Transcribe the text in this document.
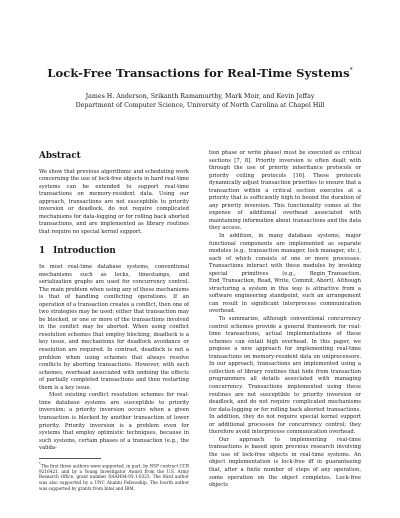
Lock-Free Transactions for Real-Time Systems*
James H. Anderson, Srikanth Ramamurthy, Mark Moir, and Kevin Jeffay
Department of Computer Science, University of North Carolina at Chapel Hill
Abstract

We show that previous algorithmic and scheduling work concerning the use of lock-free objects in hard real-time systems can be extended to support real-time transactions on memory-resident data. Using our approach, transactions are not susceptible to priority inversion or deadlock, do not require complicated mechanisms for data-logging or for rolling back aborted transactions, and are implemented as library routines that require no special kernel support.

1 Introduction

In most real-time database systems, conventional mechanisms such as locks, timestamps, and serialization graphs are used for concurrency control. The main problem when using any of these mechanisms is that of handling conflicting operations. If an operation of a transaction creates a conflict, then one of two strategies may be used: either that transaction may be blocked, or one or more of the transactions involved in the conflict may be aborted. When using conflict resolution schemes that employ blocking, deadlock is a key issue, and mechanisms for deadlock avoidance or resolution are required. In contrast, deadlock is not a problem when using schemes that always resolve conflicts by aborting transactions. However, with such schemes, overhead associated with undoing the effects of partially completed transactions and then restarting them is a key issue.

Most existing conflict resolution schemes for real-time database systems are susceptible to priority inversion; a priority inversion occurs when a given transaction is blocked by another transaction of lower priority. Priority inversion is a problem even for systems that employ optimistic techniques, because in such systems, certain phases of a transaction (e.g., the valida-

*The first three authors were supported, in part, by NSF contract CCR 9216421, and by a Young Investigator Award from the U.S. Army Research Office, grant number DAAH04-95-1-0323. The third author was also supported by a UNC Alumni Fellowship. The fourth author was supported by grants from Intel and IBM.

tion phase or write phase) must be executed as critical sections [7, 8]. Priority inversion is often dealt with through the use of priority inheritance protocols or priority ceiling protocols [16]. These protocols dynamically adjust transaction priorities to ensure that a transaction within a critical section executes at a priority that is sufficiently high to bound the duration of any priority inversion. This functionality comes at the expense of additional overhead associated with maintaining information about transactions and the data they access.

In addition, in many database systems, major functional components are implemented as separate modules (e.g., transaction manager, lock manager, etc.), each of which consists of one or more processes. Transactions interact with these modules by invoking special primitives (e.g., Begin_Transaction, End_Transaction, Read, Write, Commit, Abort). Although structuring a system in this way is attractive from a software engineering standpoint, such an arrangement can result in significant interprocess communication overhead.

To summarize, although conventional concurrency control schemes provide a general framework for real-time transactions, actual implementations of these schemes can entail high overhead. In this paper, we propose a new approach for implementing real-time transactions on memory-resident data on uniprocessors. In our approach, transactions are implemented using a collection of library routines that hide from transaction programmers all details associated with managing concurrency. Transactions implemented using these routines are not susceptible to priority inversion or deadlock, and do not require complicated mechanisms for data-logging or for rolling back aborted transactions. In addition, they do not require special kernel support or additional processes for concurrency control; they therefore avoid interprocess communication overhead.

Our approach to implementing real-time transactions is based upon previous research involving the use of lock-free objects in real-time systems. An object implementation is lock-free iff in guaranteeing that, after a finite number of steps of any operation, some operation on the object completes. Lock-free objects
